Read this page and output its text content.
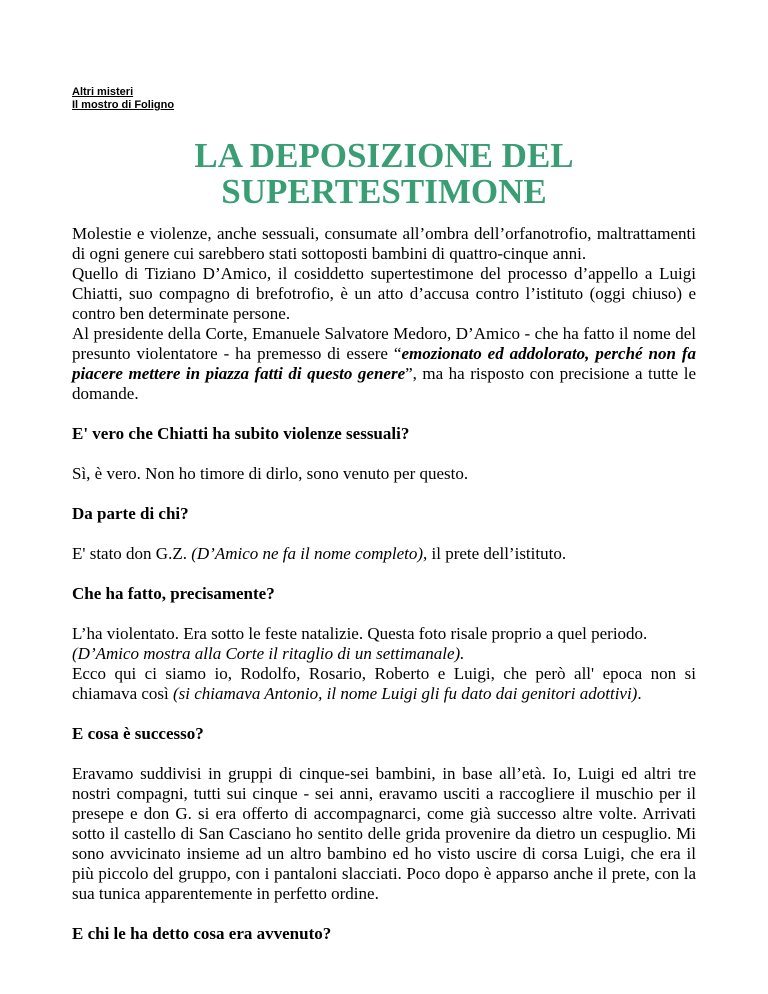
Altri misteri
Il mostro di Foligno
LA DEPOSIZIONE DEL
SUPERTESTIMONE

Molestie e violenze, anche sessuali, consumate all’ombra dell’orfanotrofio, maltrattamenti di ogni genere cui sarebbero stati sottoposti bambini di quattro-cinque anni.

Quello di Tiziano D’Amico, il cosiddetto supertestimone del processo d’appello a Luigi Chiatti, suo compagno di brefotrofio, è un atto d’accusa contro l’istituto (oggi chiuso) e contro ben determinate persone.

Al presidente della Corte, Emanuele Salvatore Medoro, D’Amico - che ha fatto il nome del presunto violentatore - ha premesso di essere “emozionato ed addolorato, perché non fa piacere mettere in piazza fatti di questo genere”, ma ha risposto con precisione a tutte le domande.

E' vero che Chiatti ha subito violenze sessuali?

Sì, è vero. Non ho timore di dirlo, sono venuto per questo.

Da parte di chi?

E' stato don G.Z. (D’Amico ne fa il nome completo), il prete dell’istituto.

Che ha fatto, precisamente?

L’ha violentato. Era sotto le feste natalizie. Questa foto risale proprio a quel periodo.

(D’Amico mostra alla Corte il ritaglio di un settimanale).

Ecco qui ci siamo io, Rodolfo, Rosario, Roberto e Luigi, che però all' epoca non si chiamava così (si chiamava Antonio, il nome Luigi gli fu dato dai genitori adottivi).

E cosa è successo?

Eravamo suddivisi in gruppi di cinque-sei bambini, in base all’età. Io, Luigi ed altri tre nostri compagni, tutti sui cinque - sei anni, eravamo usciti a raccogliere il muschio per il presepe e don G. si era offerto di accompagnarci, come già successo altre volte. Arrivati sotto il castello di San Casciano ho sentito delle grida provenire da dietro un cespuglio. Mi sono avvicinato insieme ad un altro bambino ed ho visto uscire di corsa Luigi, che era il più piccolo del gruppo, con i pantaloni slacciati. Poco dopo è apparso anche il prete, con la sua tunica apparentemente in perfetto ordine.

E chi le ha detto cosa era avvenuto?
